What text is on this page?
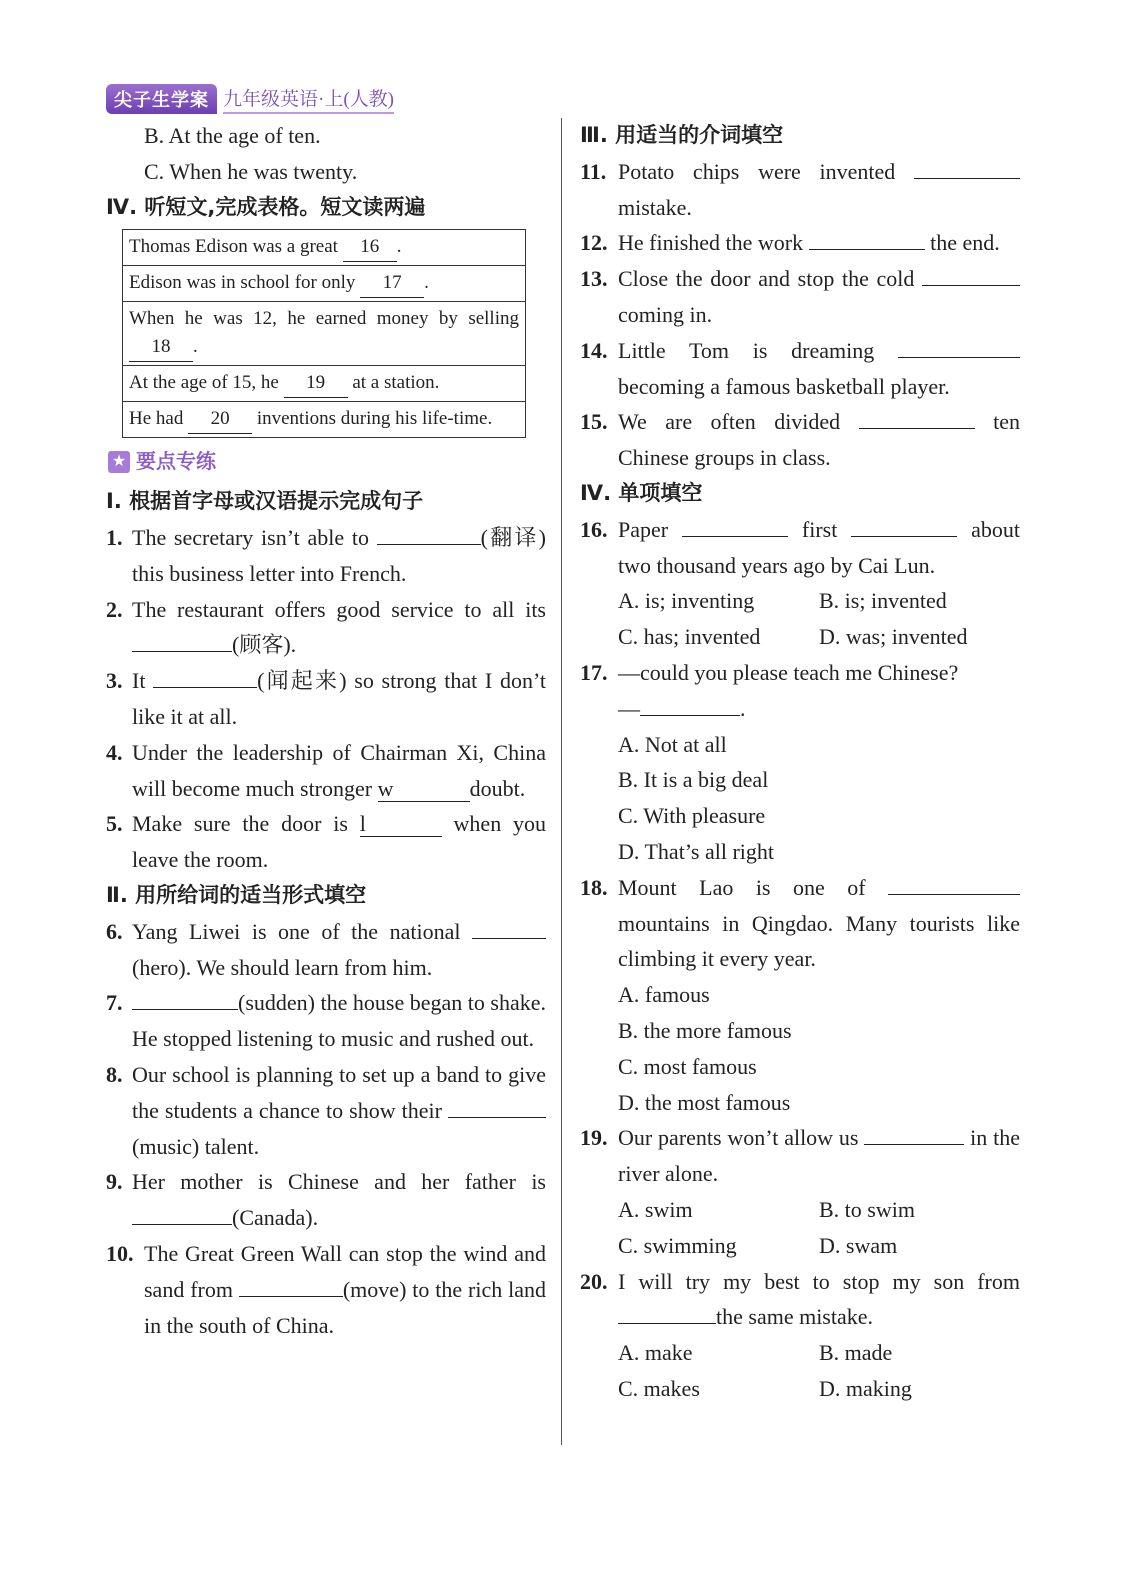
尖子生学案 九年级英语·上(人教)
B. At the age of ten.
C. When he was twenty.
Ⅳ. 听短文,完成表格。短文读两遍
Thomas Edison was a great 16 .
Edison was in school for only 17 .
When he was 12, he earned money by selling 18 .
At the age of 15, he 19 at a station.
He had 20 inventions during his life-time.
★ 要点专练
Ⅰ. 根据首字母或汉语提示完成句子
1. The secretary isn’t able to	(翻译) this business letter into French.
2. The restaurant offers good service to all its (顾客).
3. It	(闻起来) so strong that I don’t like it at all.
4. Under the leadership of Chairman Xi, China will become much stronger w	doubt.
5. Make sure the door is l	when you leave the room.
Ⅱ. 用所给词的适当形式填空
6. Yang Liwei is one of the national (hero). We should learn from him.
7.	(sudden) the house began to shake. He stopped listening to music and rushed out.
8. Our school is planning to set up a band to give the students a chance to show their (music) talent.
9. Her mother is Chinese and her father is (Canada).
10. The Great Green Wall can stop the wind and sand from	(move) to the rich land in the south of China.
Ⅲ. 用适当的介词填空
11. Potato chips were invented  mistake.
12. He finished the work	the end.
13. Close the door and stop the cold coming in.
14. Little Tom is dreaming  becoming a famous basketball player.
15. We are often divided	ten Chinese groups in class.
Ⅳ. 单项填空
16. Paper	first	about two thousand years ago by Cai Lun.
A. is; inventing	B. is; invented
C. has; invented	D. was; invented
17. —could you please teach me Chinese?
—	.
A. Not at all
B. It is a big deal
C. With pleasure
D. That’s all right
18. Mount Lao is one of  mountains in Qingdao. Many tourists like climbing it every year.
A. famous
B. the more famous
C. most famous
D. the most famous
19. Our parents won’t allow us	in the river alone.
A. swim	B. to swim
C. swimming	D. swam
20. I will try my best to stop my son from the same mistake.
A. make	B. made
C. makes	D. making
